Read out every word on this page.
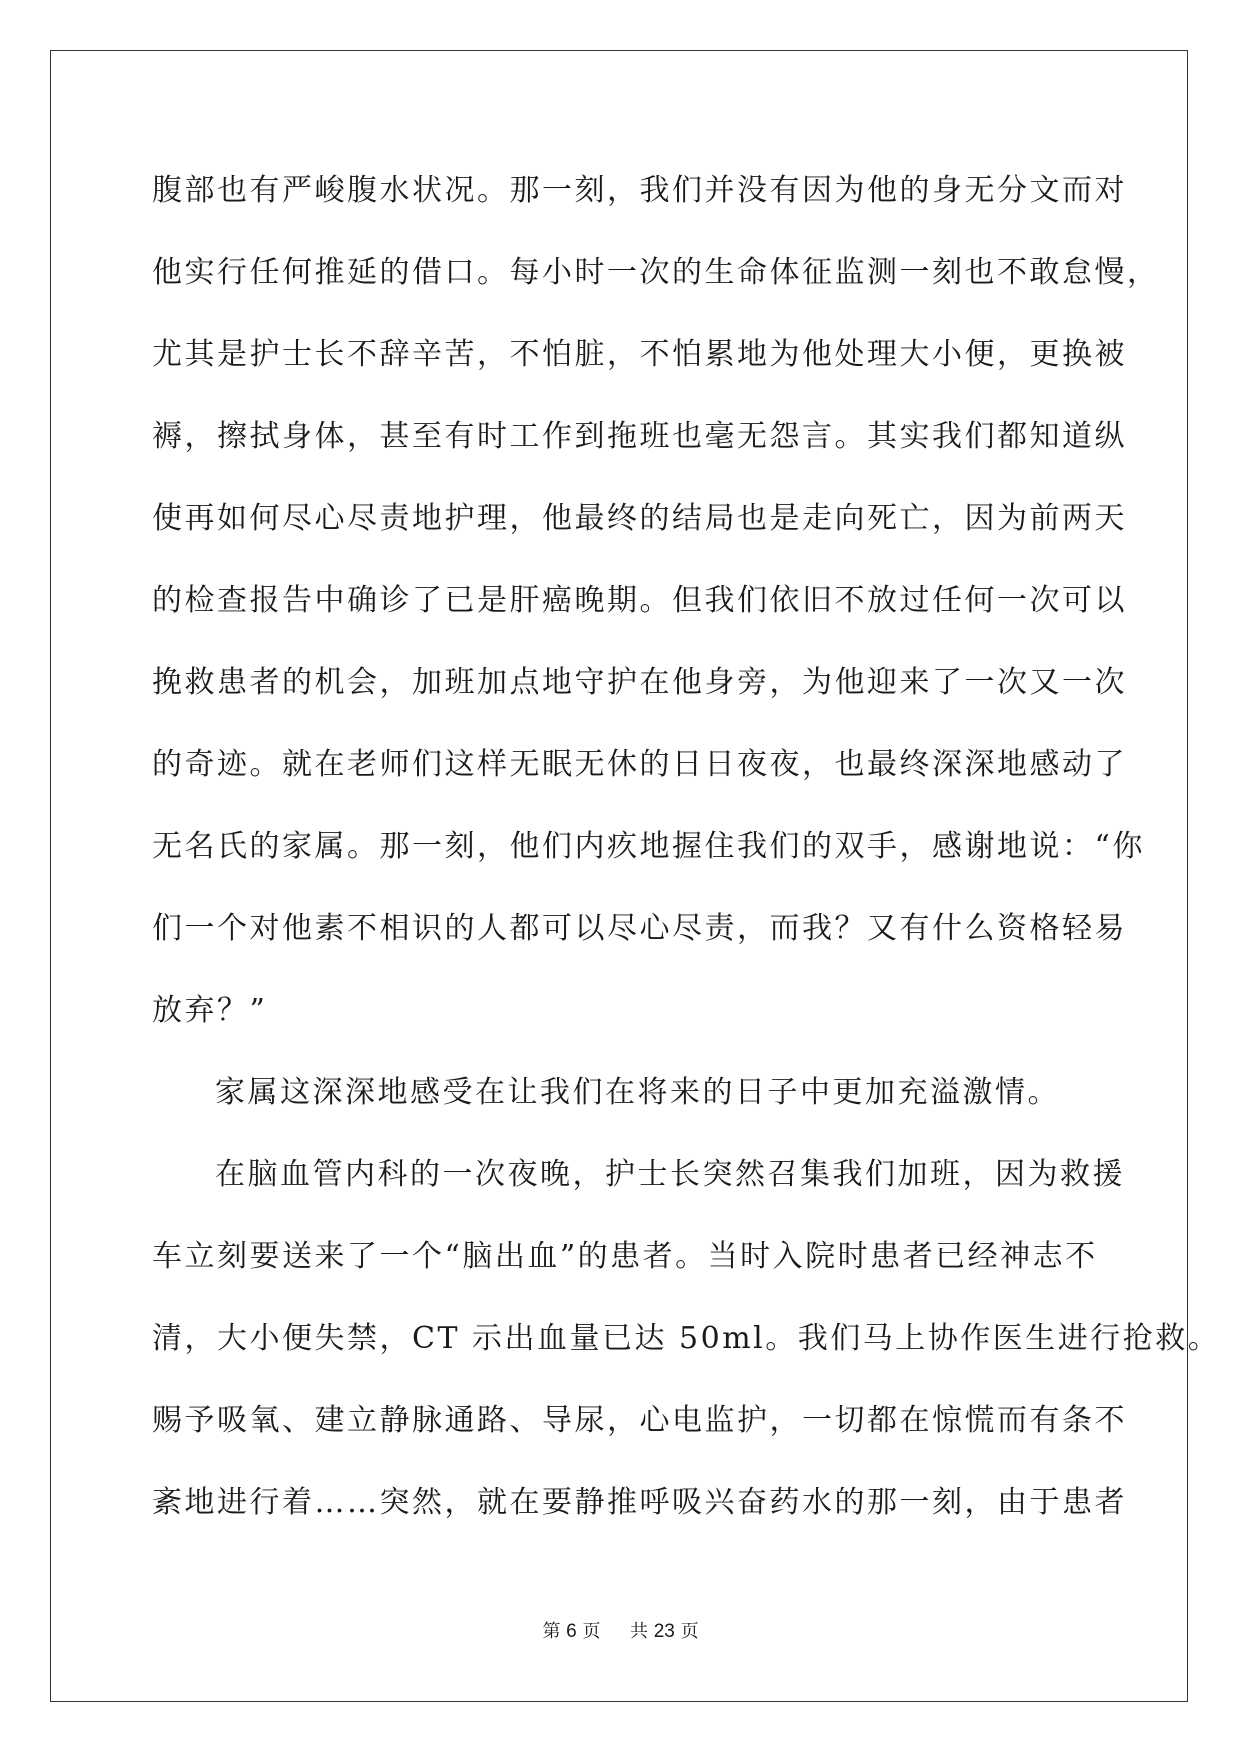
腹部也有严峻腹水状况。那一刻，我们并没有因为他的身无分文而对
他实行任何推延的借口。每小时一次的生命体征监测一刻也不敢怠慢，
尤其是护士长不辞辛苦，不怕脏，不怕累地为他处理大小便，更换被
褥，擦拭身体，甚至有时工作到拖班也毫无怨言。其实我们都知道纵
使再如何尽心尽责地护理，他最终的结局也是走向死亡，因为前两天
的检查报告中确诊了已是肝癌晚期。但我们依旧不放过任何一次可以
挽救患者的机会，加班加点地守护在他身旁，为他迎来了一次又一次
的奇迹。就在老师们这样无眠无休的日日夜夜，也最终深深地感动了
无名氏的家属。那一刻，他们内疚地握住我们的双手，感谢地说：“你
们一个对他素不相识的人都可以尽心尽责，而我？又有什么资格轻易
放弃？”
家属这深深地感受在让我们在将来的日子中更加充溢激情。
在脑血管内科的一次夜晚，护士长突然召集我们加班，因为救援
车立刻要送来了一个“脑出血”的患者。当时入院时患者已经神志不
清，大小便失禁，CT 示出血量已达 50ml。我们马上协作医生进行抢救。
赐予吸氧、建立静脉通路、导尿，心电监护，一切都在惊慌而有条不
紊地进行着……突然，就在要静推呼吸兴奋药水的那一刻，由于患者
第 6 页 共 23 页
